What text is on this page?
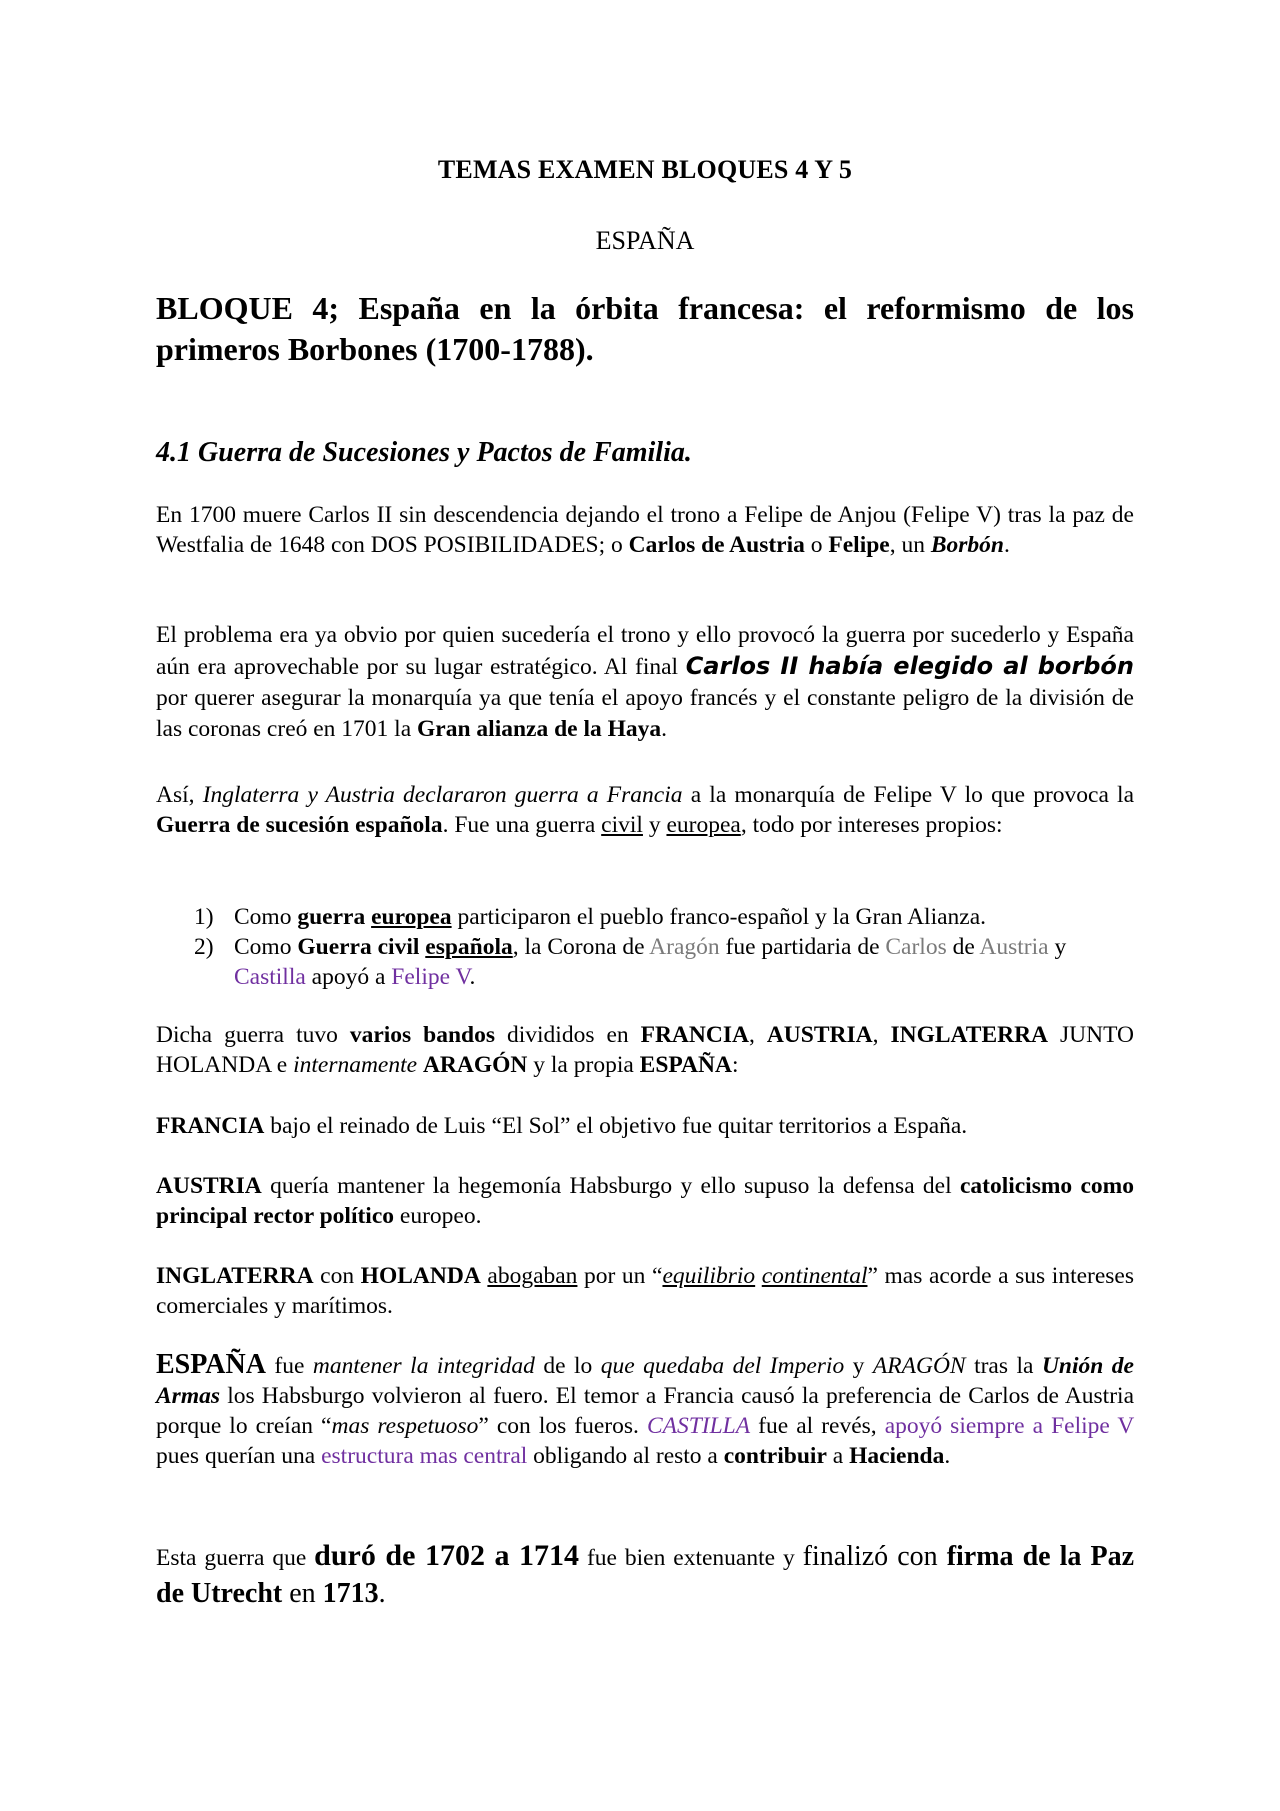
TEMAS EXAMEN BLOQUES 4 Y 5
ESPAÑA
BLOQUE 4; España en la órbita francesa: el reformismo de los primeros Borbones (1700-1788).
4.1 Guerra de Sucesiones y Pactos de Familia.

En 1700 muere Carlos II sin descendencia dejando el trono a Felipe de Anjou (Felipe V) tras la paz de Westfalia de 1648 con DOS POSIBILIDADES; o Carlos de Austria o Felipe, un Borbón.

El problema era ya obvio por quien sucedería el trono y ello provocó la guerra por sucederlo y España aún era aprovechable por su lugar estratégico. Al final Carlos II había elegido al borbón por querer asegurar la monarquía ya que tenía el apoyo francés y el constante peligro de la división de las coronas creó en 1701 la Gran alianza de la Haya.

Así, Inglaterra y Austria declararon guerra a Francia a la monarquía de Felipe V lo que provoca la Guerra de sucesión española. Fue una guerra civil y europea, todo por intereses propios:

1) Como guerra europea participaron el pueblo franco-español y la Gran Alianza.
2) Como Guerra civil española, la Corona de Aragón fue partidaria de Carlos de Austria y Castilla apoyó a Felipe V.

Dicha guerra tuvo varios bandos divididos en FRANCIA, AUSTRIA, INGLATERRA JUNTO HOLANDA e internamente ARAGÓN y la propia ESPAÑA:

FRANCIA bajo el reinado de Luis “El Sol” el objetivo fue quitar territorios a España.

AUSTRIA quería mantener la hegemonía Habsburgo y ello supuso la defensa del catolicismo como principal rector político europeo.

INGLATERRA con HOLANDA abogaban por un “equilibrio continental” mas acorde a sus intereses comerciales y marítimos.

ESPAÑA fue mantener la integridad de lo que quedaba del Imperio y ARAGÓN tras la Unión de Armas los Habsburgo volvieron al fuero. El temor a Francia causó la preferencia de Carlos de Austria porque lo creían “mas respetuoso” con los fueros. CASTILLA fue al revés, apoyó siempre a Felipe V pues querían una estructura mas central obligando al resto a contribuir a Hacienda.

Esta guerra que duró de 1702 a 1714 fue bien extenuante y finalizó con firma de la Paz de Utrecht en 1713.
